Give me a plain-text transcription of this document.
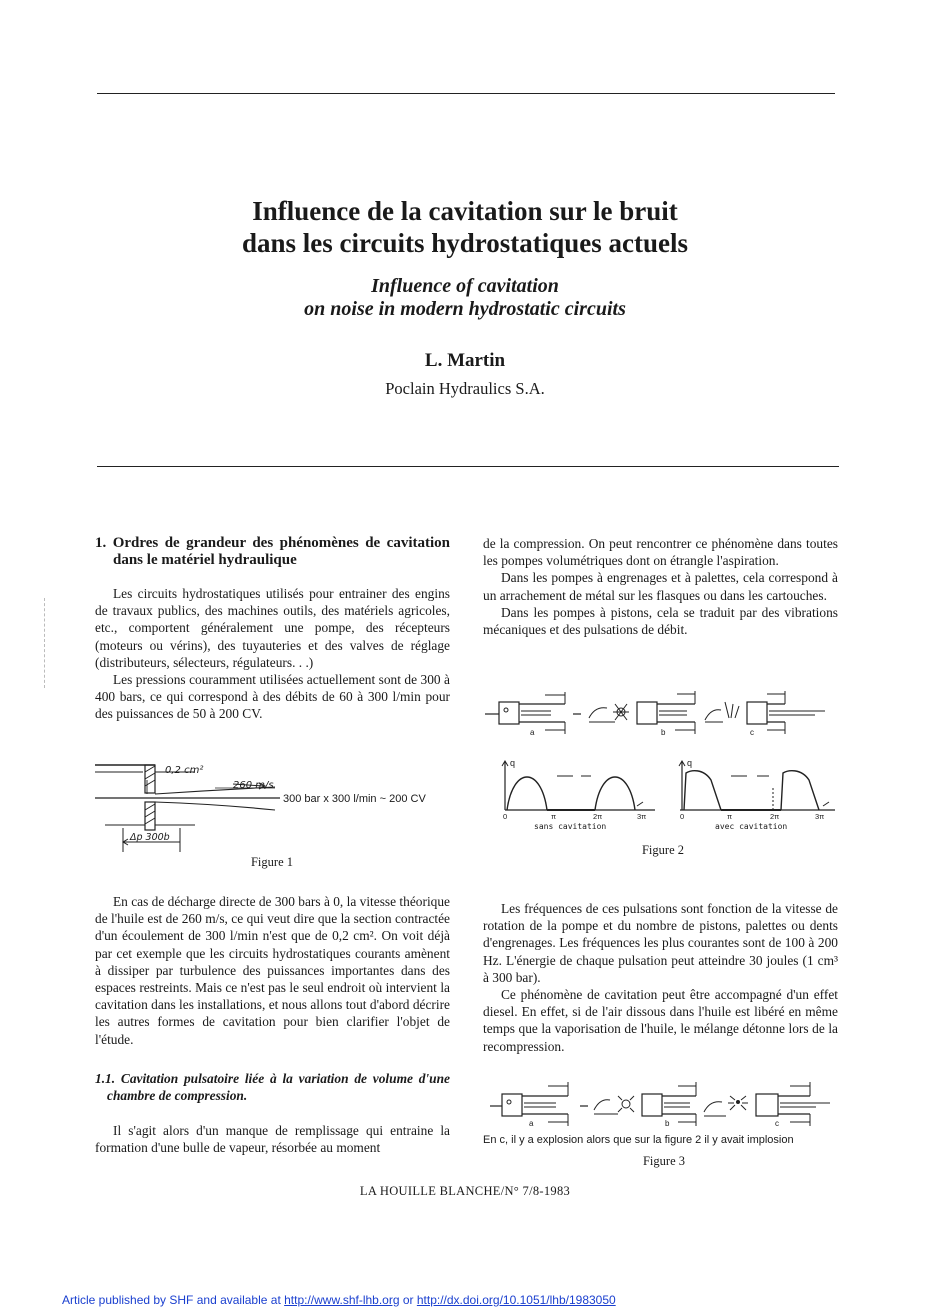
Influence de la cavitation sur le bruit
dans les circuits hydrostatiques actuels
Influence of cavitation
on noise in modern hydrostatic circuits
L. Martin
Poclain Hydraulics S.A.
1. Ordres de grandeur des phénomènes de cavitation dans le matériel hydraulique

Les circuits hydrostatiques utilisés pour entrainer des engins de travaux publics, des machines outils, des matériels agricoles, etc., comportent généralement une pompe, des récepteurs (moteurs ou vérins), des tuyauteries et des valves de réglage (distributeurs, sélecteurs, régulateurs. . .)

Les pressions couramment utilisées actuellement sont de 300 à 400 bars, ce qui correspond à des débits de 60 à 300 l/min pour des puissances de 50 à 200 CV.

0,2 cm²
260 m/s
Δp 300b
300 bar x 300 l/min ~ 200 CV
Figure 1

En cas de décharge directe de 300 bars à 0, la vitesse théorique de l'huile est de 260 m/s, ce qui veut dire que la section contractée d'un écoulement de 300 l/min n'est que de 0,2 cm². On voit déjà par cet exemple que les circuits hydrostatiques courants amènent à dissiper par turbulence des puissances importantes dans des espaces restreints. Mais ce n'est pas le seul endroit où intervient la cavitation dans les installations, et nous allons tout d'abord décrire les autres formes de cavitation pour bien clarifier l'objet de l'étude.

1.1. Cavitation pulsatoire liée à la variation de volume d'une chambre de compression.

Il s'agit alors d'un manque de remplissage qui entraine la formation d'une bulle de vapeur, résorbée au moment

de la compression. On peut rencontrer ce phénomène dans toutes les pompes volumétriques dont on étrangle l'aspiration.

Dans les pompes à engrenages et à palettes, cela correspond à un arrachement de métal sur les flasques ou dans les cartouches.

Dans les pompes à pistons, cela se traduit par des vibrations mécaniques et des pulsations de débit.

a	b	c
q	q
0	π	2π	3π	0	π	2π	3π
sans cavitation	avec cavitation
Figure 2

Les fréquences de ces pulsations sont fonction de la vitesse de rotation de la pompe et du nombre de pistons, palettes ou dents d'engrenages. Les fréquences les plus courantes sont de 100 à 200 Hz. L'énergie de chaque pulsation peut atteindre 30 joules (1 cm³ à 300 bar).

Ce phénomène de cavitation peut être accompagné d'un effet diesel. En effet, si de l'air dissous dans l'huile est libéré en même temps que la vaporisation de l'huile, le mélange détonne lors de la recompression.

a	b	c
En c, il y a explosion alors que sur la figure 2 il y avait implosion
Figure 3
LA HOUILLE BLANCHE/N° 7/8-1983
Article published by SHF and available at http://www.shf-lhb.org or http://dx.doi.org/10.1051/lhb/1983050
